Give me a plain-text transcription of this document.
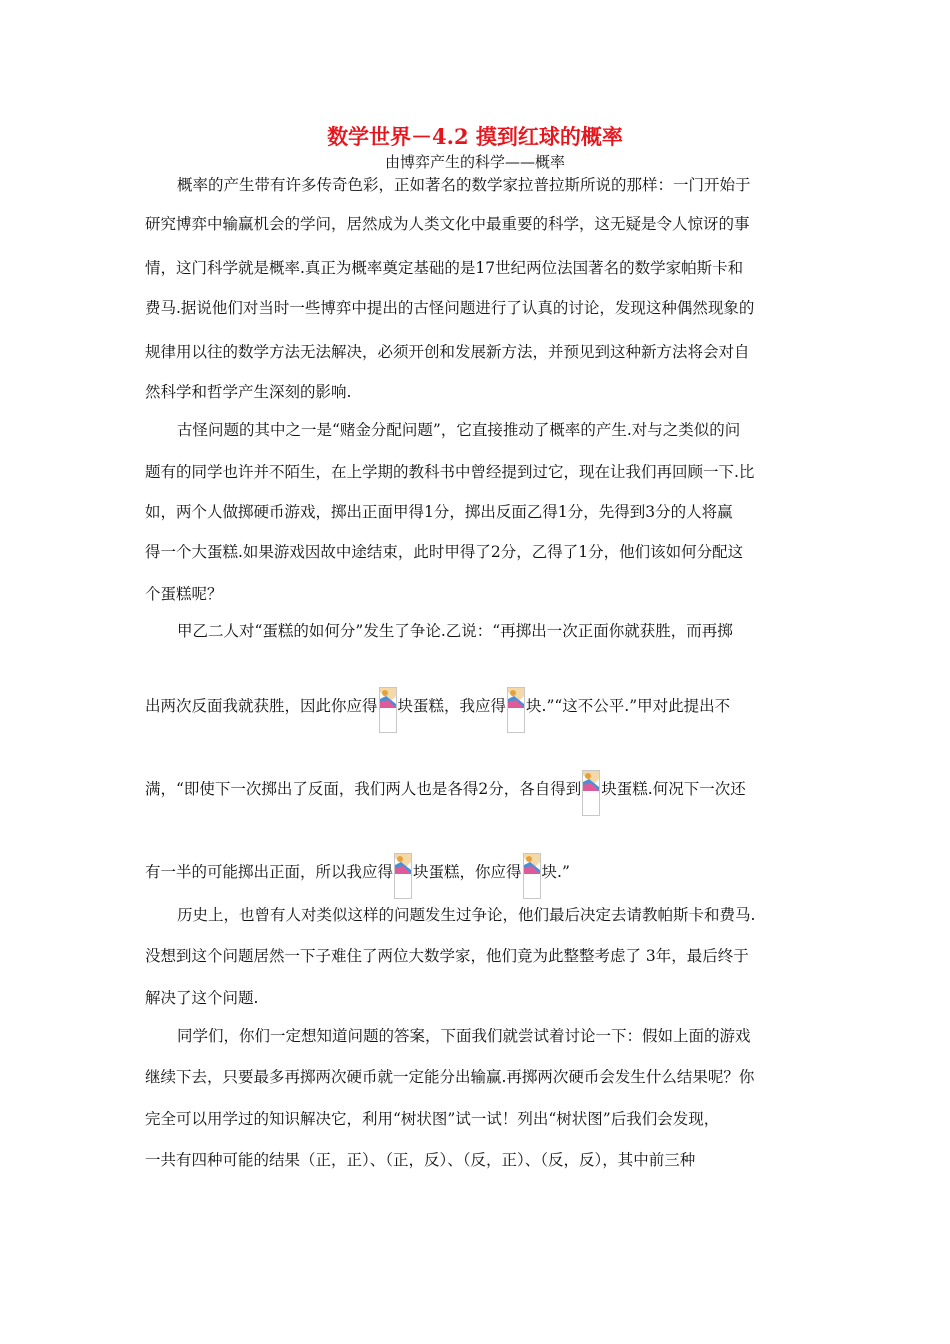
数学世界－4.2 摸到红球的概率
由博弈产生的科学——概率
概率的产生带有许多传奇色彩，正如著名的数学家拉普拉斯所说的那样：一门开始于
研究博弈中输赢机会的学问，居然成为人类文化中最重要的科学，这无疑是令人惊讶的事
情，这门科学就是概率.真正为概率奠定基础的是17世纪两位法国著名的数学家帕斯卡和
费马.据说他们对当时一些博弈中提出的古怪问题进行了认真的讨论，发现这种偶然现象的
规律用以往的数学方法无法解决，必须开创和发展新方法，并预见到这种新方法将会对自
然科学和哲学产生深刻的影响.
古怪问题的其中之一是“赌金分配问题”，它直接推动了概率的产生.对与之类似的问
题有的同学也许并不陌生，在上学期的教科书中曾经提到过它，现在让我们再回顾一下.比
如，两个人做掷硬币游戏，掷出正面甲得1分，掷出反面乙得1分，先得到3分的人将赢
得一个大蛋糕.如果游戏因故中途结束，此时甲得了2分，乙得了1分，他们该如何分配这
个蛋糕呢？
甲乙二人对“蛋糕的如何分”发生了争论.乙说：“再掷出一次正面你就获胜，而再掷
出两次反面我就获胜，因此你应得 块蛋糕，我应得 块.”“这不公平.”甲对此提出不
满，“即使下一次掷出了反面，我们两人也是各得2分，各自得到 块蛋糕.何况下一次还
有一半的可能掷出正面，所以我应得 块蛋糕，你应得 块.”
历史上，也曾有人对类似这样的问题发生过争论，他们最后决定去请教帕斯卡和费马.
没想到这个问题居然一下子难住了两位大数学家，他们竟为此整整考虑了 3年，最后终于
解决了这个问题.
同学们，你们一定想知道问题的答案，下面我们就尝试着讨论一下：假如上面的游戏
继续下去，只要最多再掷两次硬币就一定能分出输赢.再掷两次硬币会发生什么结果呢？你
完全可以用学过的知识解决它，利用“树状图”试一试！列出“树状图”后我们会发现，
一共有四种可能的结果（正，正）、（正，反）、（反，正）、（反，反），其中前三种
